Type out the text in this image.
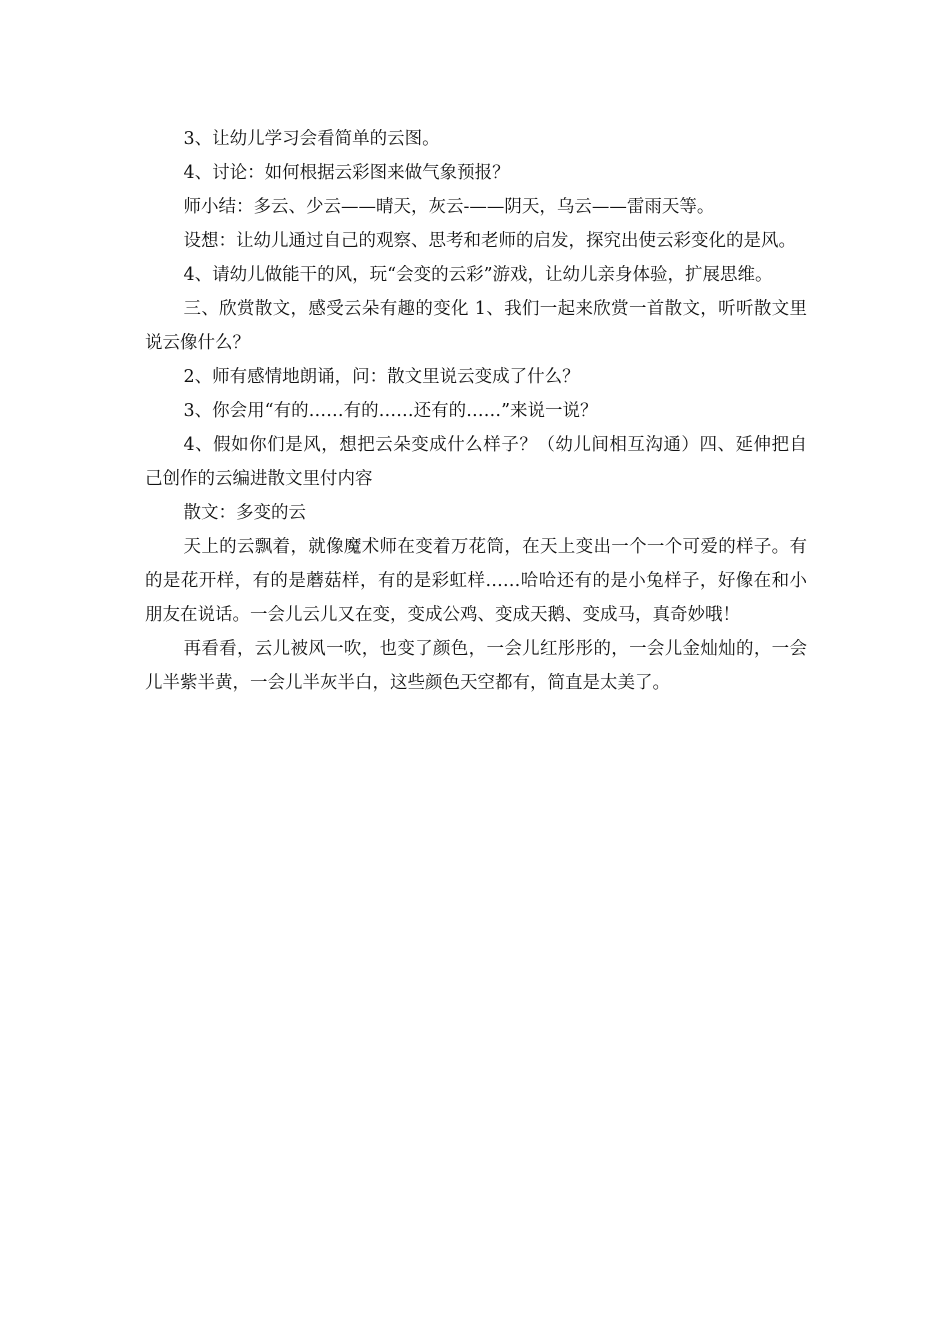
3、让幼儿学习会看简单的云图。

4、讨论：如何根据云彩图来做气象预报？

师小结：多云、少云——晴天，灰云-——阴天，乌云——雷雨天等。

设想：让幼儿通过自己的观察、思考和老师的启发，探究出使云彩变化的是风。

4、请幼儿做能干的风，玩“会变的云彩”游戏，让幼儿亲身体验，扩展思维。

三、欣赏散文，感受云朵有趣的变化 1、我们一起来欣赏一首散文，听听散文里说云像什么？

2、师有感情地朗诵，问：散文里说云变成了什么？

3、你会用“有的……有的……还有的……”来说一说？

4、假如你们是风，想把云朵变成什么样子？（幼儿间相互沟通）四、延伸把自己创作的云编进散文里付内容

散文：多变的云

天上的云飘着，就像魔术师在变着万花筒，在天上变出一个一个可爱的样子。有的是花开样，有的是蘑菇样，有的是彩虹样……哈哈还有的是小兔样子，好像在和小朋友在说话。一会儿云儿又在变，变成公鸡、变成天鹅、变成马，真奇妙哦！

再看看，云儿被风一吹，也变了颜色，一会儿红彤彤的，一会儿金灿灿的，一会儿半紫半黄，一会儿半灰半白，这些颜色天空都有，简直是太美了。
